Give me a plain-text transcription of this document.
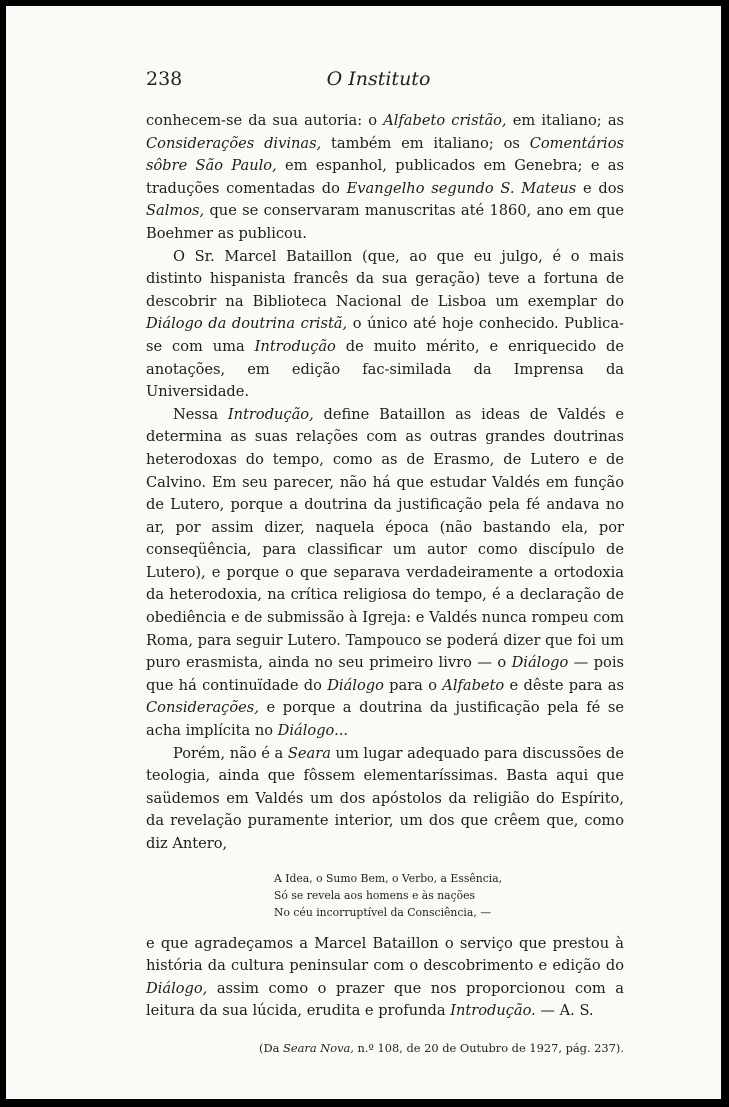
238	O Instituto

conhecem-se da sua autoria: o Alfabeto cristão, em italiano; as Considerações divinas, também em italiano; os Comentários sôbre São Paulo, em espanhol, publicados em Genebra; e as traduções comentadas do Evangelho segundo S. Mateus e dos Salmos, que se conservaram manuscritas até 1860, ano em que Boehmer as publicou.

O Sr. Marcel Bataillon (que, ao que eu julgo, é o mais distinto hispanista francês da sua geração) teve a fortuna de descobrir na Biblioteca Nacional de Lisboa um exemplar do Diálogo da doutrina cristã, o único até hoje conhecido. Publica-se com uma Introdução de muito mérito, e enriquecido de anotações, em edição fac-similada da Imprensa da Universidade.

Nessa Introdução, define Bataillon as ideas de Valdés e determina as suas relações com as outras grandes doutrinas heterodoxas do tempo, como as de Erasmo, de Lutero e de Calvino. Em seu parecer, não há que estudar Valdés em função de Lutero, porque a doutrina da justificação pela fé andava no ar, por assim dizer, naquela época (não bastando ela, por conseqüência, para classificar um autor como discípulo de Lutero), e porque o que separava verdadeiramente a ortodoxia da heterodoxia, na crítica religiosa do tempo, é a declaração de obediência e de submissão à Igreja: e Valdés nunca rompeu com Roma, para seguir Lutero. Tampouco se poderá dizer que foi um puro erasmista, ainda no seu primeiro livro — o Diálogo — pois que há continuïdade do Diálogo para o Alfabeto e dêste para as Considerações, e porque a doutrina da justificação pela fé se acha implícita no Diálogo...

Porém, não é a Seara um lugar adequado para discussões de teologia, ainda que fôssem elementaríssimas. Basta aqui que saüdemos em Valdés um dos apóstolos da religião do Espírito, da revelação puramente interior, um dos que crêem que, como diz Antero,

A Idea, o Sumo Bem, o Verbo, a Essência,
Só se revela aos homens e às nações
No céu incorruptível da Consciência, —

e que agradeçamos a Marcel Bataillon o serviço que prestou à história da cultura peninsular com o descobrimento e edição do Diálogo, assim como o prazer que nos proporcionou com a leitura da sua lúcida, erudita e profunda Introdução. — A. S.

(Da Seara Nova, n.º 108, de 20 de Outubro de 1927, pág. 237).
